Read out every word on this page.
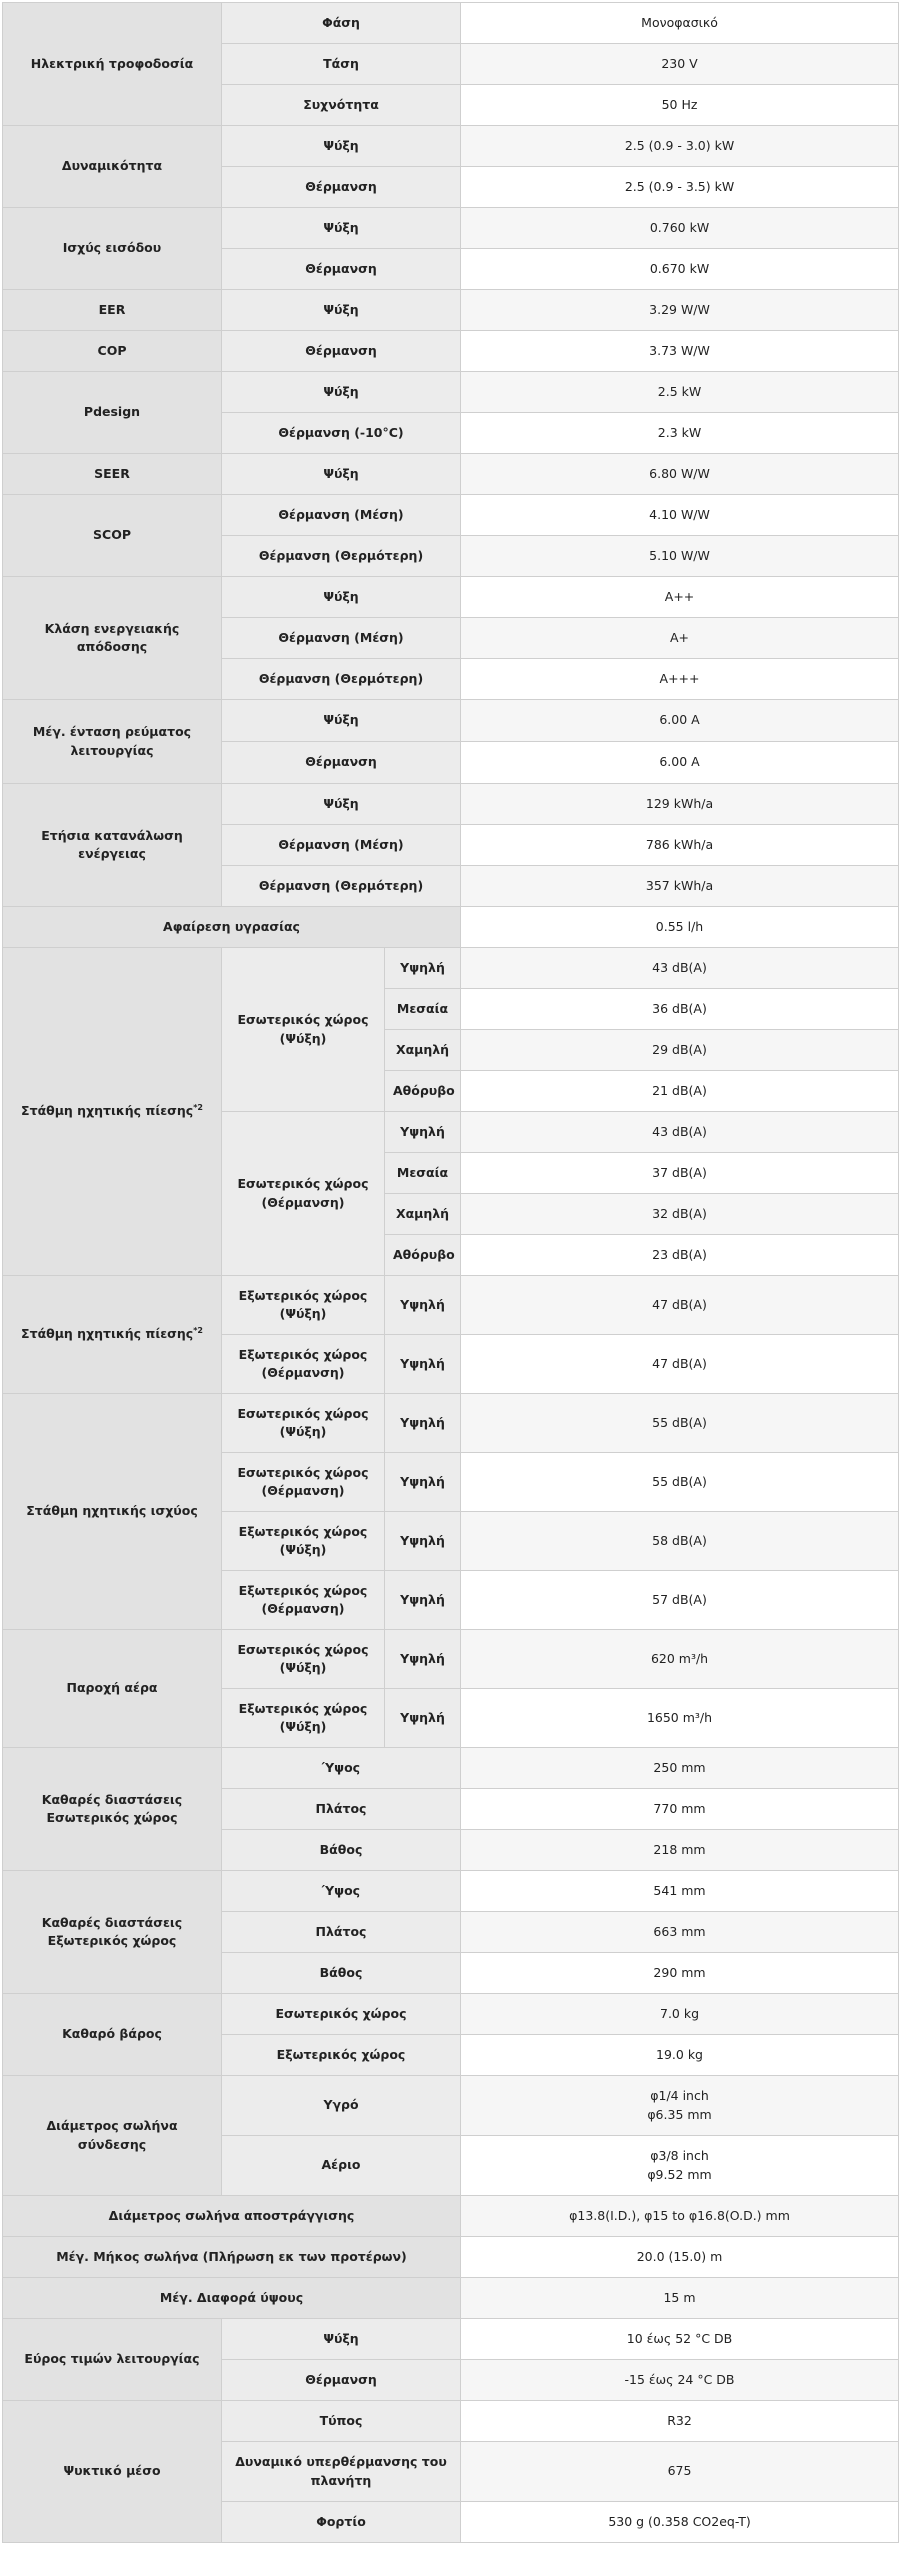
Ηλεκτρική τροφοδοσία	Φάση		Μονοφασικό
	Τάση		230 V
	Συχνότητα		50 Hz
Δυναμικότητα	Ψύξη		2.5 (0.9 - 3.0) kW
	Θέρμανση		2.5 (0.9 - 3.5) kW
Ισχύς εισόδου	Ψύξη		0.760 kW
	Θέρμανση		0.670 kW
EER	Ψύξη		3.29 W/W
COP	Θέρμανση		3.73 W/W
Pdesign	Ψύξη		2.5 kW
	Θέρμανση (-10°C)		2.3 kW
SEER	Ψύξη		6.80 W/W
SCOP	Θέρμανση (Μέση)		4.10 W/W
	Θέρμανση (Θερμότερη)		5.10 W/W
Κλάση ενεργειακής απόδοσης	Ψύξη		A++
	Θέρμανση (Μέση)		A+
	Θέρμανση (Θερμότερη)		A+++
Μέγ. ένταση ρεύματος λειτουργίας	Ψύξη		6.00 A
	Θέρμανση		6.00 A
Ετήσια κατανάλωση ενέργειας	Ψύξη		129 kWh/a
	Θέρμανση (Μέση)		786 kWh/a
	Θέρμανση (Θερμότερη)		357 kWh/a
Αφαίρεση υγρασίας			0.55 l/h
Στάθμη ηχητικής πίεσης$^{*2}$	Εσωτερικός χώρος (Ψύξη)	Υψηλή	43 dB(A)
		Μεσαία	36 dB(A)
		Χαμηλή	29 dB(A)
		Αθόρυβο	21 dB(A)
	Εσωτερικός χώρος (Θέρμανση)	Υψηλή	43 dB(A)
		Μεσαία	37 dB(A)
		Χαμηλή	32 dB(A)
		Αθόρυβο	23 dB(A)
Στάθμη ηχητικής πίεσης$^{*2}$	Εξωτερικός χώρος (Ψύξη)	Υψηλή	47 dB(A)
	Εξωτερικός χώρος (Θέρμανση)	Υψηλή	47 dB(A)
Στάθμη ηχητικής ισχύος	Εσωτερικός χώρος (Ψύξη)	Υψηλή	55 dB(A)
	Εσωτερικός χώρος (Θέρμανση)	Υψηλή	55 dB(A)
	Εξωτερικός χώρος (Ψύξη)	Υψηλή	58 dB(A)
	Εξωτερικός χώρος (Θέρμανση)	Υψηλή	57 dB(A)
Παροχή αέρα	Εσωτερικός χώρος (Ψύξη)	Υψηλή	620 m³/h
	Εξωτερικός χώρος (Ψύξη)	Υψηλή	1650 m³/h
Καθαρές διαστάσεις Εσωτερικός χώρος	Ύψος		250 mm
	Πλάτος		770 mm
	Βάθος		218 mm
Καθαρές διαστάσεις Εξωτερικός χώρος	Ύψος		541 mm
	Πλάτος		663 mm
	Βάθος		290 mm
Καθαρό βάρος	Εσωτερικός χώρος		7.0 kg
	Εξωτερικός χώρος		19.0 kg
Διάμετρος σωλήνα σύνδεσης	Υγρό		φ1/4 inch
φ6.35 mm

	Αέριο		φ3/8 inch
φ9.52 mm

Διάμετρος σωλήνα αποστράγγισης			φ13.8(I.D.), φ15 to φ16.8(O.D.) mm
Μέγ. Μήκος σωλήνα (Πλήρωση εκ των προτέρων)			20.0 (15.0) m
Μέγ. Διαφορά ύψους			15 m
Εύρος τιμών λειτουργίας	Ψύξη		10 έως 52 °C DB
	Θέρμανση		-15 έως 24 °C DB
Ψυκτικό μέσο	Τύπος		R32
	Δυναμικό υπερθέρμανσης του πλανήτη		675
	Φορτίο		530 g (0.358 CO2eq-T)
